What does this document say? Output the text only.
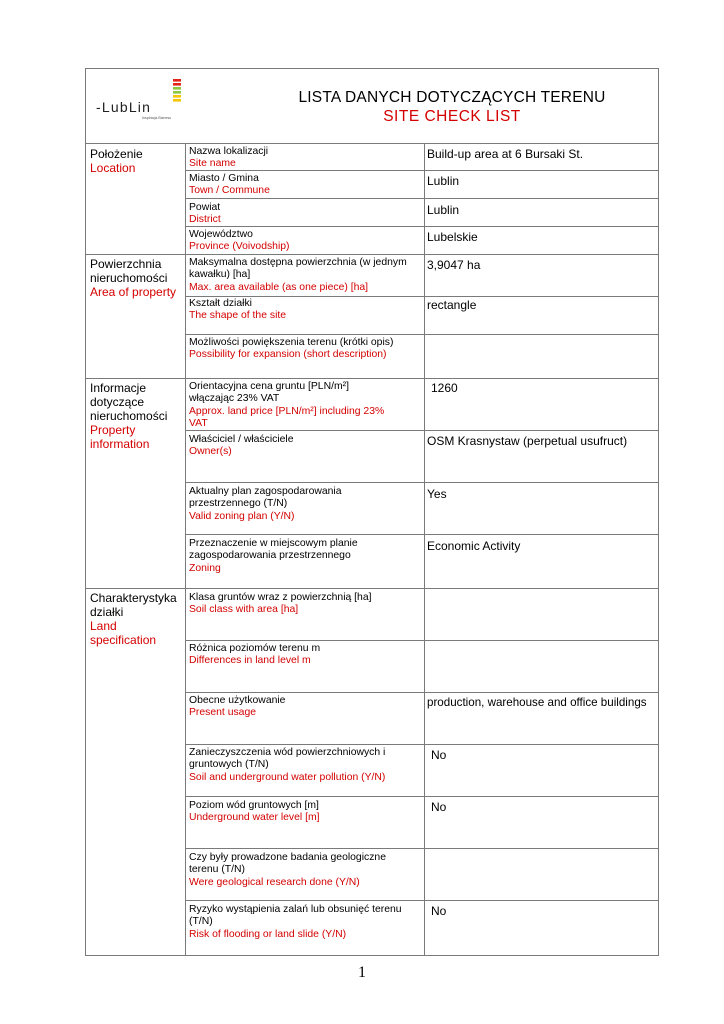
-LubLin
Inspiracja Biznesu
LISTA DANYCH DOTYCZĄCYCH TERENU
SITE CHECK LIST
Położenie
Location
Powierzchnia nieruchomości
Area of property
Informacje dotyczące nieruchomości
Property information
Charakterystyka działki
Land specification
Nazwa lokalizacji
Site name
Miasto / Gmina
Town / Commune
Powiat
District
Województwo
Province (Voivodship)
Maksymalna dostępna powierzchnia (w jednym kawałku) [ha]
Max. area available (as one piece) [ha]
Kształt działki
The shape of the site
Możliwości powiększenia terenu (krótki opis)
Possibility for expansion (short description)
Orientacyjna cena gruntu [PLN/m²] włączając 23% VAT
Approx. land price [PLN/m²] including 23% VAT
Właściciel / właściciele
Owner(s)
Aktualny plan zagospodarowania przestrzennego (T/N)
Valid zoning plan (Y/N)
Przeznaczenie w miejscowym planie zagospodarowania przestrzennego
Zoning
Klasa gruntów wraz z powierzchnią [ha]
Soil class with area [ha]
Różnica poziomów terenu m
Differences in land level m
Obecne użytkowanie
Present usage
Zanieczyszczenia wód powierzchniowych i gruntowych (T/N)
Soil and underground water pollution (Y/N)
Poziom wód gruntowych [m]
Underground water level [m]
Czy były prowadzone badania geologiczne terenu (T/N)
Were geological research done (Y/N)
Ryzyko wystąpienia zalań lub obsunięć terenu (T/N)
Risk of flooding or land slide (Y/N)
Build-up area at 6 Bursaki St.
Lublin
Lublin
Lubelskie
3,9047 ha
rectangle
1260
OSM Krasnystaw (perpetual usufruct)
Yes
Economic Activity
production, warehouse and office buildings
No
No
No
1
